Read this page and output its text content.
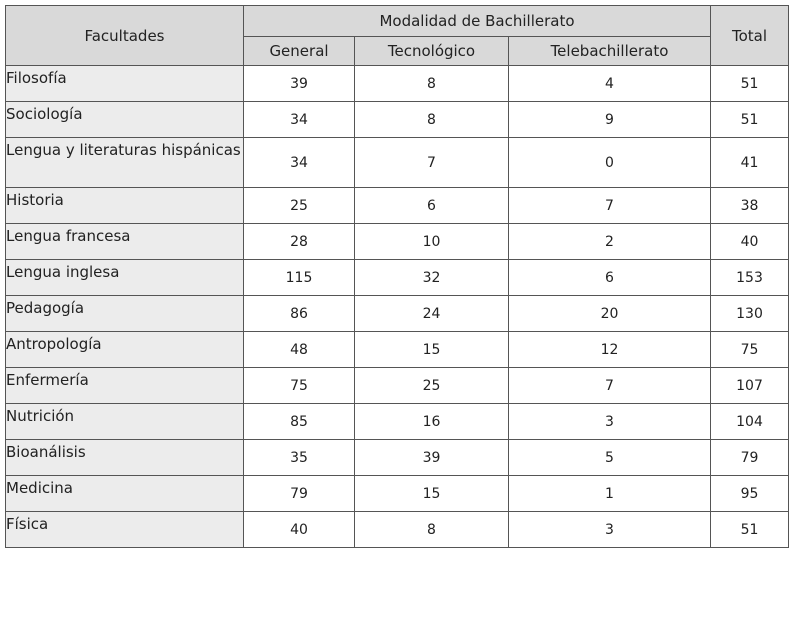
Facultades	Modalidad de Bachillerato			Total
	General	Tecnológico	Telebachillerato	
Filosofía	39	8	4	51
Sociología	34	8	9	51
Lengua y literaturas hispánicas	34	7	0	41
Historia	25	6	7	38
Lengua francesa	28	10	2	40
Lengua inglesa	115	32	6	153
Pedagogía	86	24	20	130
Antropología	48	15	12	75
Enfermería	75	25	7	107
Nutrición	85	16	3	104
Bioanálisis	35	39	5	79
Medicina	79	15	1	95
Física	40	8	3	51
